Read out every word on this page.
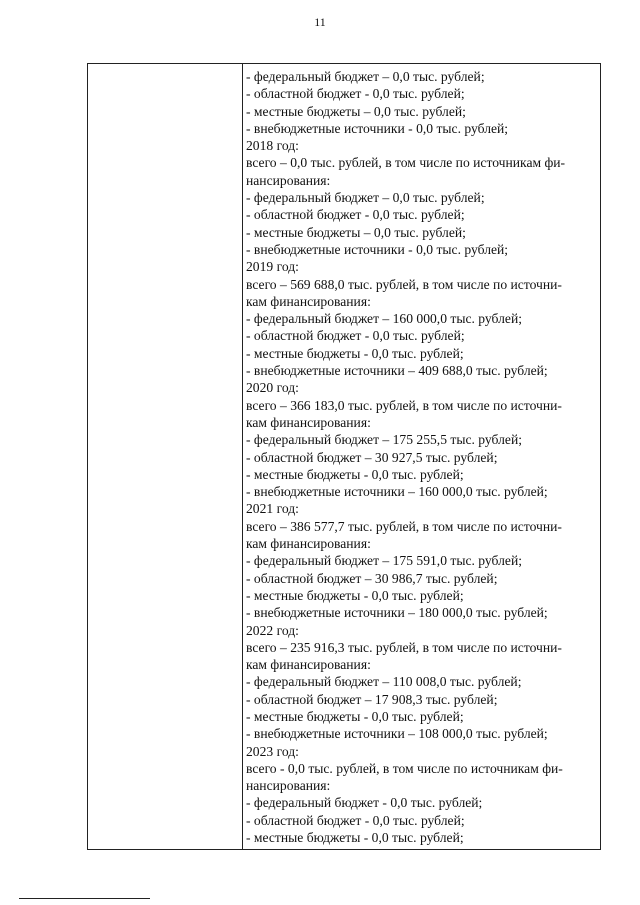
11
- федеральный бюджет – 0,0 тыс. рублей;
- областной бюджет - 0,0 тыс. рублей;
- местные бюджеты – 0,0 тыс. рублей;
- внебюджетные источники - 0,0 тыс. рублей;
2018 год:
всего – 0,0 тыс. рублей, в том числе по источникам фи-
нансирования:
- федеральный бюджет – 0,0 тыс. рублей;
- областной бюджет - 0,0 тыс. рублей;
- местные бюджеты – 0,0 тыс. рублей;
- внебюджетные источники - 0,0 тыс. рублей;
2019 год:
всего – 569 688,0 тыс. рублей, в том числе по источни-
кам финансирования:
- федеральный бюджет – 160 000,0 тыс. рублей;
- областной бюджет - 0,0 тыс. рублей;
- местные бюджеты - 0,0 тыс. рублей;
- внебюджетные источники – 409 688,0 тыс. рублей;
2020 год:
всего – 366 183,0 тыс. рублей, в том числе по источни-
кам финансирования:
- федеральный бюджет – 175 255,5 тыс. рублей;
- областной бюджет – 30 927,5 тыс. рублей;
- местные бюджеты - 0,0 тыс. рублей;
- внебюджетные источники – 160 000,0 тыс. рублей;
2021 год:
всего – 386 577,7 тыс. рублей, в том числе по источни-
кам финансирования:
- федеральный бюджет – 175 591,0 тыс. рублей;
- областной бюджет – 30 986,7 тыс. рублей;
- местные бюджеты - 0,0 тыс. рублей;
- внебюджетные источники – 180 000,0 тыс. рублей;
2022 год:
всего – 235 916,3 тыс. рублей, в том числе по источни-
кам финансирования:
- федеральный бюджет – 110 008,0 тыс. рублей;
- областной бюджет – 17 908,3 тыс. рублей;
- местные бюджеты - 0,0 тыс. рублей;
- внебюджетные источники – 108 000,0 тыс. рублей;
2023 год:
всего - 0,0 тыс. рублей, в том числе по источникам фи-
нансирования:
- федеральный бюджет - 0,0 тыс. рублей;
- областной бюджет - 0,0 тыс. рублей;
- местные бюджеты - 0,0 тыс. рублей;
